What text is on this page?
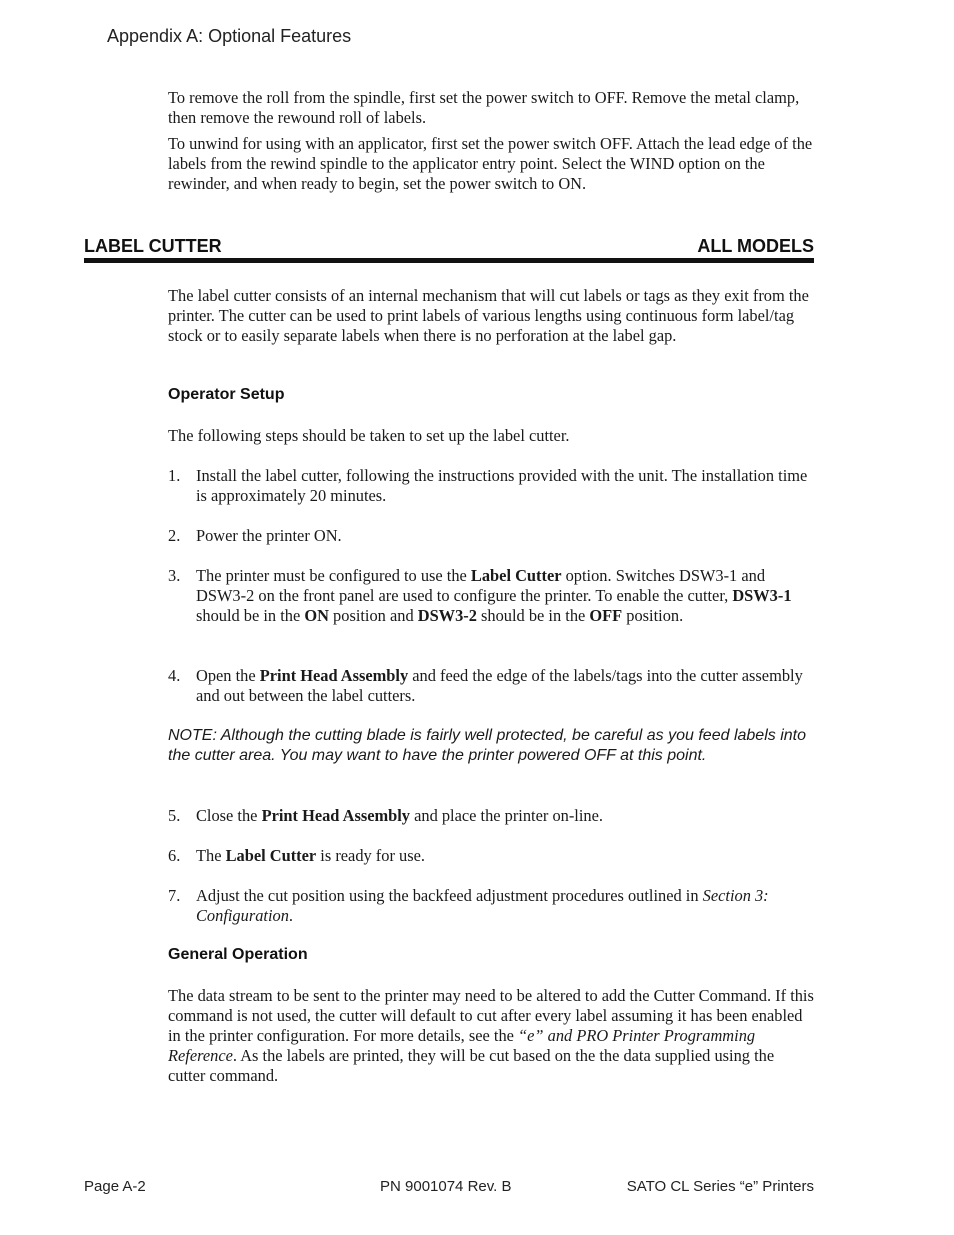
Appendix A: Optional Features

To remove the roll from the spindle, first set the power switch to OFF. Remove the metal clamp, then remove the rewound roll of labels.

To unwind for using with an applicator, first set the power switch OFF. Attach the lead edge of the labels from the rewind spindle to the applicator entry point. Select the WIND option on the rewinder, and when ready to begin, set the power switch to ON.

LABEL CUTTER	ALL MODELS

The label cutter consists of an internal mechanism that will cut labels or tags as they exit from the printer. The cutter can be used to print labels of various lengths using continuous form label/tag stock or to easily separate labels when there is no perforation at the label gap.

Operator Setup

The following steps should be taken to set up the label cutter.

1. Install the label cutter, following the instructions provided with the unit. The installation time is approximately 20 minutes.
2. Power the printer ON.
3. The printer must be configured to use the Label Cutter option. Switches DSW3-1 and DSW3-2 on the front panel are used to configure the printer. To enable the cutter, DSW3-1 should be in the ON position and DSW3-2 should be in the OFF position.
4. Open the Print Head Assembly and feed the edge of the labels/tags into the cutter assembly and out between the label cutters.

NOTE: Although the cutting blade is fairly well protected, be careful as you feed labels into the cutter area. You may want to have the printer powered OFF at this point.

5. Close the Print Head Assembly and place the printer on-line.
6. The Label Cutter is ready for use.
7. Adjust the cut position using the backfeed adjustment procedures outlined in Section 3: Configuration.
General Operation

The data stream to be sent to the printer may need to be altered to add the Cutter Command. If this command is not used, the cutter will default to cut after every label assuming it has been enabled in the printer configuration. For more details, see the “e” and PRO Printer Programming Reference. As the labels are printed, they will be cut based on the the data supplied using the cutter command.

Page A-2	PN 9001074 Rev. B	SATO CL Series “e” Printers
